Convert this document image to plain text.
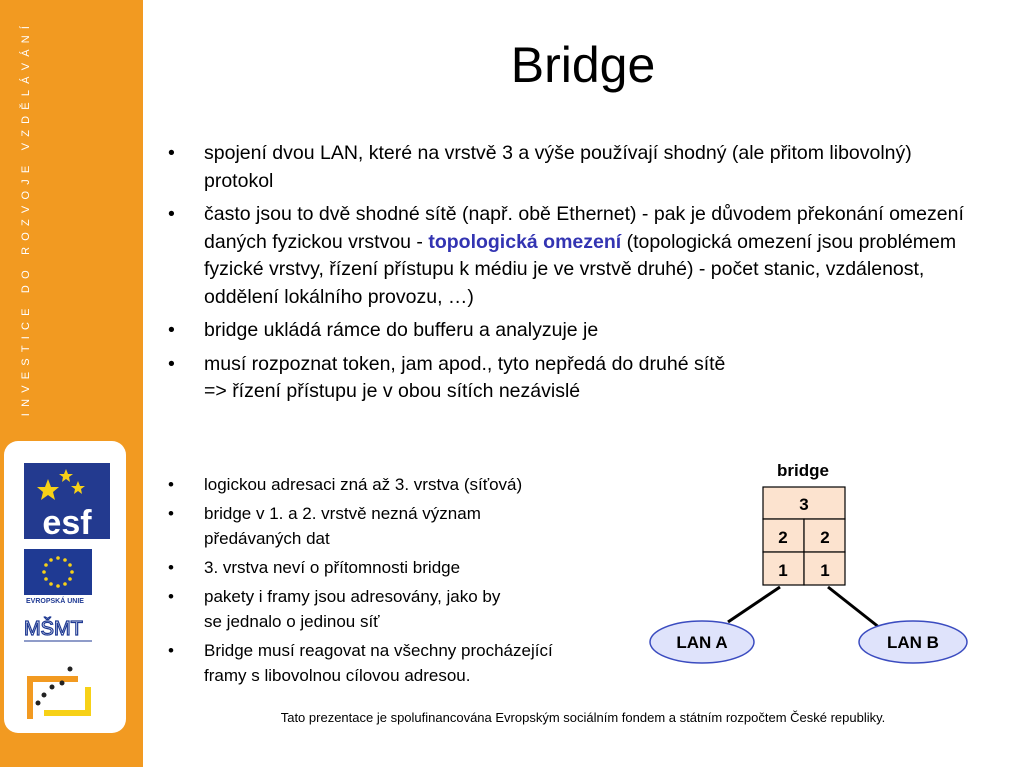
INVESTICE DO ROZVOJE VZDĚLÁVÁNÍ
esf
EVROPSKÁ UNIE
MŠMT
Bridge
• spojení dvou LAN, které na vrstvě 3 a výše používají shodný (ale přitom libovolný) protokol
• často jsou to dvě shodné sítě (např. obě Ethernet) - pak je důvodem překonání omezení daných fyzickou vrstvou - topologická omezení (topologická omezení jsou problémem fyzické vrstvy, řízení přístupu k médiu je ve vrstvě druhé) - počet stanic, vzdálenost, oddělení lokálního provozu, …)
• bridge ukládá rámce do bufferu a analyzuje je
• musí rozpoznat token, jam apod., tyto nepředá do druhé sítě
=> řízení přístupu je v obou sítích nezávislé
• logickou adresaci zná až 3. vrstva (síťová)
• bridge v 1. a 2. vrstvě nezná význam
předávaných dat
• 3. vrstva neví o přítomnosti bridge
• pakety i framy jsou adresovány, jako by
se jednalo o jedinou síť
• Bridge musí reagovat na všechny procházející
framy s libovolnou cílovou adresou.
bridge
3
2 2
1 1
LAN A	LAN B
Tato prezentace je spolufinancována Evropským sociálním fondem a státním rozpočtem České republiky.
